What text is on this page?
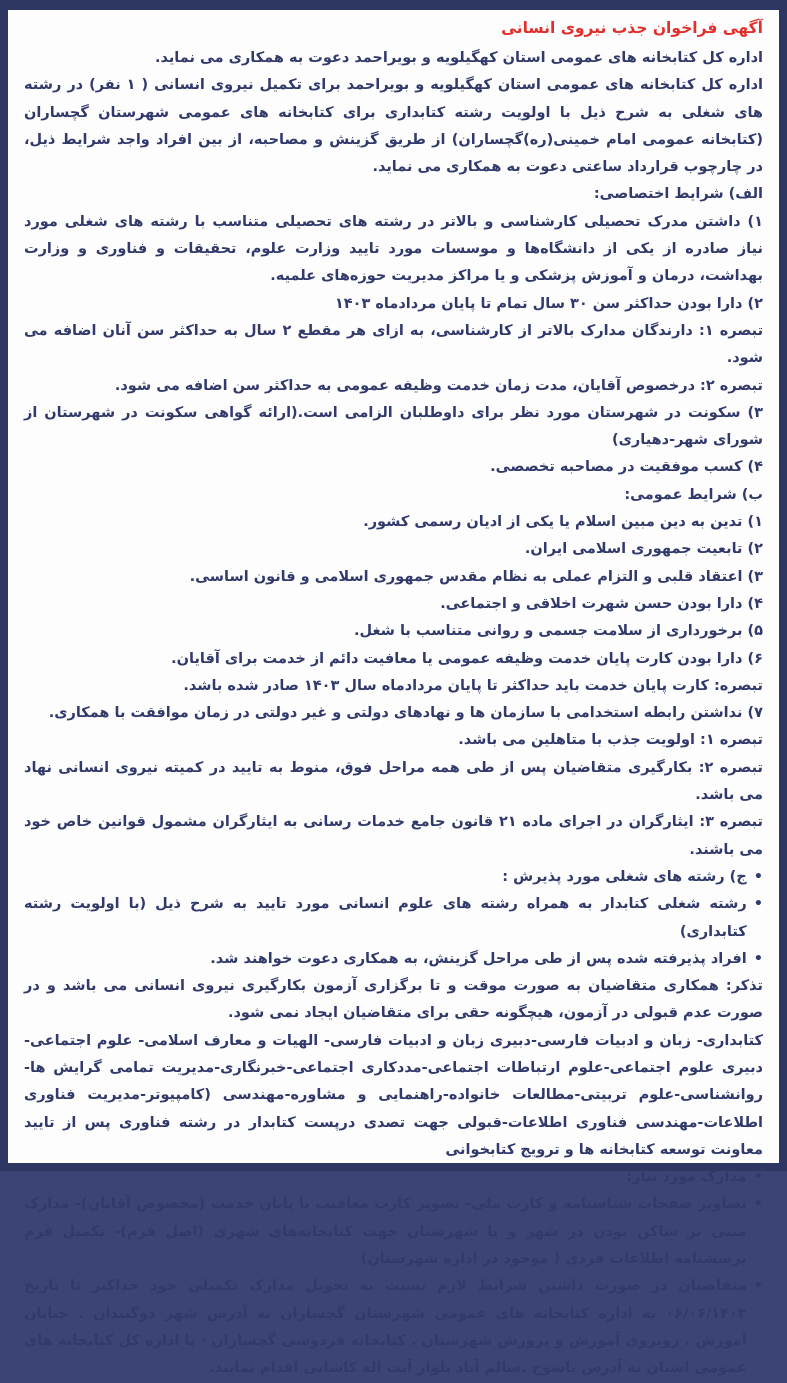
آگهی فراخوان جذب نیروی انسانی

اداره کل کتابخانه های عمومی استان کهگیلویه و بویراحمد دعوت به همکاری می نماید.

اداره کل کتابخانه های عمومی استان کهگیلویه و بویراحمد برای تکمیل نیروی انسانی ( ۱ نفر) در رشته های شغلی به شرح ذیل با اولویت رشته کتابداری برای کتابخانه های عمومی شهرستان گچساران (کتابخانه عمومی امام خمینی(ره)گچساران) از طریق گزینش و مصاحبه، از بین افراد واجد شرایط ذیل، در چارچوب قرارداد ساعتی دعوت به همکاری می نماید.

الف) شرایط اختصاصی:

۱) داشتن مدرک تحصیلی کارشناسی و بالاتر در رشته های تحصیلی متناسب با رشته های شغلی مورد نیاز صادره از یکی از دانشگاه‌ها و موسسات مورد تایید وزارت علوم، تحقیقات و فناوری و وزارت بهداشت، درمان و آموزش پزشکی و یا مراکز مدیریت حوزه‌های علمیه.

۲) دارا بودن حداکثر سن ۳۰ سال تمام تا پایان مردادماه ۱۴۰۳

تبصره ۱: دارندگان مدارک بالاتر از کارشناسی، به ازای هر مقطع ۲ سال به حداکثر سن آنان اضافه می شود.

تبصره ۲: درخصوص آقایان، مدت زمان خدمت وظیفه عمومی به حداکثر سن اضافه می شود.

۳) سکونت در شهرستان مورد نظر برای داوطلبان الزامی است.(ارائه گواهی سکونت در شهرستان از شورای شهر-دهیاری)

۴) کسب موفقیت در مصاحبه تخصصی.

ب) شرایط عمومی:

۱) تدین به دین مبین اسلام یا یکی از ادیان رسمی کشور.

۲) تابعیت جمهوری اسلامی ایران.

۳) اعتقاد قلبی و التزام عملی به نظام مقدس جمهوری اسلامی و قانون اساسی.

۴) دارا بودن حسن شهرت اخلاقی و اجتماعی.

۵) برخورداری از سلامت جسمی و روانی متناسب با شغل.

۶) دارا بودن کارت پایان خدمت وظیفه عمومی یا معافیت دائم از خدمت برای آقایان.

تبصره: کارت پایان خدمت باید حداکثر تا پایان مردادماه سال ۱۴۰۳ صادر شده باشد.

۷) نداشتن رابطه استخدامی با سازمان ها و نهادهای دولتی و غیر دولتی در زمان موافقت با همکاری.

تبصره ۱: اولویت جذب با متاهلین می باشد.

تبصره ۲: بکارگیری متقاضیان پس از طی همه مراحل فوق، منوط به تایید در کمیته نیروی انسانی نهاد می باشد.

تبصره ۳: ایثارگران در اجرای ماده ۲۱ قانون جامع خدمات رسانی به ایثارگران مشمول قوانین خاص خود می باشند.

•
ج) رشته های شغلی مورد پذیرش :

•
رشته شغلی کتابدار به همراه رشته های علوم انسانی مورد تایید به شرح ذیل (با اولویت رشته کتابداری)

•
افراد پذیرفته شده پس از طی مراحل گزینش، به همکاری دعوت خواهند شد.

تذکر: همکاری متقاضیان به صورت موقت و تا برگزاری آزمون بکارگیری نیروی انسانی می باشد و در صورت عدم قبولی در آزمون، هیچگونه حقی برای متقاضیان ایجاد نمی شود.

کتابداری- زبان و ادبیات فارسی-دبیری زبان و ادبیات فارسی- الهیات و معارف اسلامی- علوم اجتماعی-دبیری علوم اجتماعی-علوم ارتباطات اجتماعی-مددکاری اجتماعی-خبرنگاری-مدیریت تمامی گرایش ها-روانشناسی-علوم تربیتی-مطالعات خانواده-راهنمایی و مشاوره-مهندسی (کامپیوتر-مدیریت فناوری اطلاعات-مهندسی فناوری اطلاعات-قبولی جهت تصدی درپست کتابدار در رشته فناوری پس از تایید معاونت توسعه کتابخانه ها و ترویج کتابخوانی

•
مدارک مورد نیاز:

•
تصاویر صفحات شناسنامه و کارت ملی- تصویر کارت معافیت یا پایان خدمت (مخصوص آقایان)- مدارک مبنی بر ساکن بودن در شهر و یا شهرستان جهت کتابخانه‌های شهری (اصل فرم)- تکمیل فرم پرسشنامه اطلاعات فردی ( موجود در اداره شهرستان)

•
متقاضیان در صورت داشتن شرایط لازم نسبت به تحویل مدارک تکمیلی خود حداکثر تا تاریخ ۰۶/۰۶/۱۴۰۳ به اداره کتابخانه های عمومی شهرستان گچساران به آدرس شهر دوگنبدان . خیابان آموزش . روبروی آموزش و پرورش شهرستان . کتابخانه فردوسی گچساران · یا اداره کل کتابخانه های عمومی استان به آدرس یاسوج .سالم آباد بلوار آیت اله کاشانی اقدام نمایند.
